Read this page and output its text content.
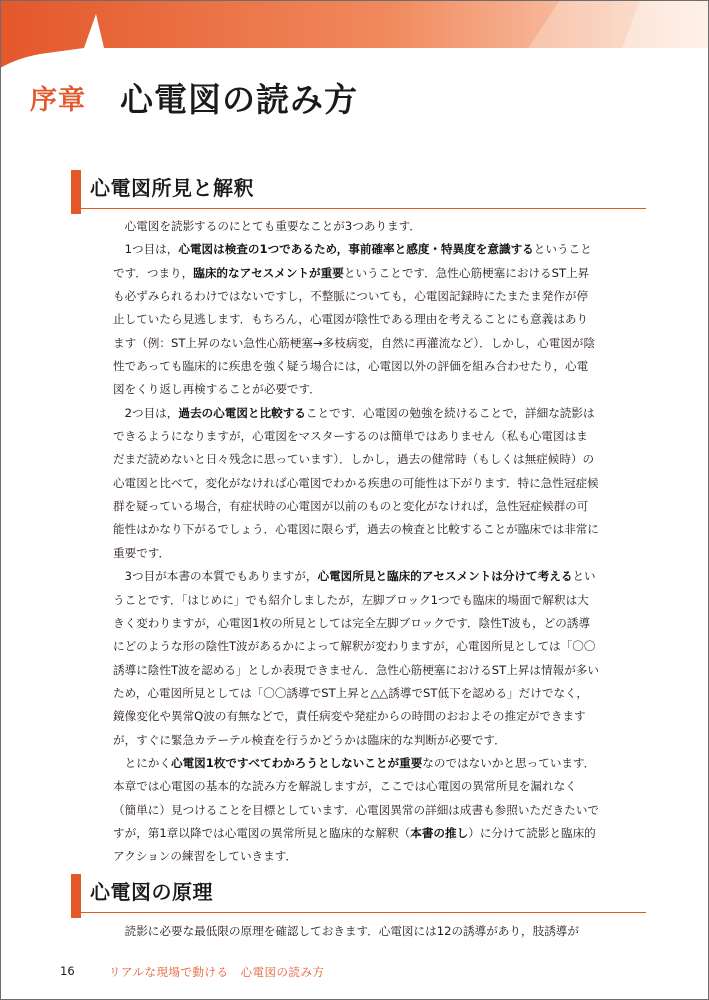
序章 心電図の読み方
心電図所見と解釈

心電図を読影するのにとても重要なことが3つあります．

1つ目は，心電図は検査の1つであるため，事前確率と感度・特異度を意識するということです．つまり，臨床的なアセスメントが重要ということです．急性心筋梗塞におけるST上昇も必ずみられるわけではないですし，不整脈についても，心電図記録時にたまたま発作が停止していたら見逃します．もちろん，心電図が陰性である理由を考えることにも意義はあります（例：ST上昇のない急性心筋梗塞→多枝病変，自然に再灌流など）．しかし，心電図が陰性であっても臨床的に疾患を強く疑う場合には，心電図以外の評価を組み合わせたり，心電図をくり返し再検することが必要です．

2つ目は，過去の心電図と比較することです．心電図の勉強を続けることで，詳細な読影はできるようになりますが，心電図をマスターするのは簡単ではありません（私も心電図はまだまだ読めないと日々残念に思っています）．しかし，過去の健常時（もしくは無症候時）の心電図と比べて，変化がなければ心電図でわかる疾患の可能性は下がります．特に急性冠症候群を疑っている場合，有症状時の心電図が以前のものと変化がなければ，急性冠症候群の可能性はかなり下がるでしょう．心電図に限らず，過去の検査と比較することが臨床では非常に重要です．

3つ目が本書の本質でもありますが，心電図所見と臨床的アセスメントは分けて考えるということです．「はじめに」でも紹介しましたが，左脚ブロック1つでも臨床的場面で解釈は大きく変わりますが，心電図1枚の所見としては完全左脚ブロックです．陰性T波も，どの誘導にどのような形の陰性T波があるかによって解釈が変わりますが，心電図所見としては「〇〇誘導に陰性T波を認める」としか表現できません．急性心筋梗塞におけるST上昇は情報が多いため，心電図所見としては「〇〇誘導でST上昇と△△誘導でST低下を認める」だけでなく，鏡像変化や異常Q波の有無などで，責任病変や発症からの時間のおおよその推定ができますが，すぐに緊急カテーテル検査を行うかどうかは臨床的な判断が必要です．

とにかく心電図1枚ですべてわかろうとしないことが重要なのではないかと思っています．本章では心電図の基本的な読み方を解説しますが，ここでは心電図の異常所見を漏れなく（簡単に）見つけることを目標としています．心電図異常の詳細は成書も参照いただきたいですが，第1章以降では心電図の異常所見と臨床的な解釈（本書の推し）に分けて読影と臨床的アクションの練習をしていきます．

心電図の原理

読影に必要な最低限の原理を確認しておきます．心電図には12の誘導があり，肢誘導が

16	リアルな現場で動ける　心電図の読み方
